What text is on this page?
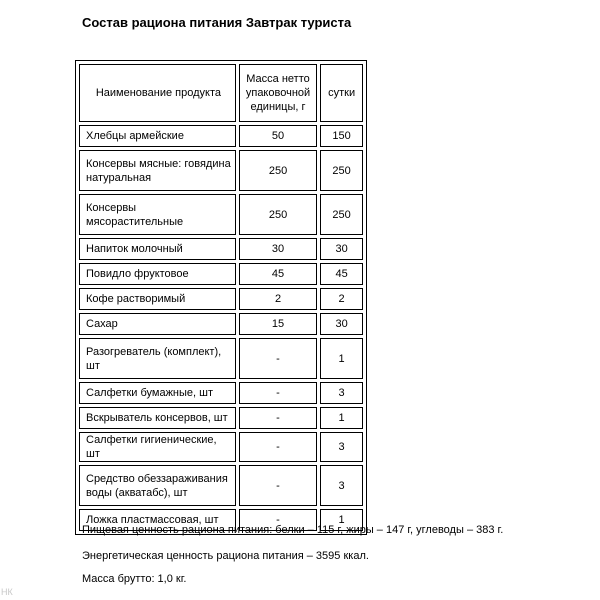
Состав рациона питания Завтрак туриста
Наименование продукта	Масса нетто упаковочной единицы, г	сутки
Хлебцы армейские	50	150
Консервы мясные: говядина натуральная	250	250
Консервы мясорастительные	250	250
Напиток молочный	30	30
Повидло фруктовое	45	45
Кофе растворимый	2	2
Сахар	15	30
Разогреватель (комплект), шт	-	1
Салфетки бумажные, шт	-	3
Вскрыватель консервов, шт	-	1
Салфетки гигиенические, шт	-	3
Средство обеззараживания воды (акватабс), шт	-	3
Ложка пластмассовая, шт	-	1
Пищевая ценность рациона питания: белки – 115 г, жиры – 147 г, углеводы – 383 г.
Энергетическая ценность рациона питания – 3595 ккал.
Масса брутто: 1,0 кг.
НК
